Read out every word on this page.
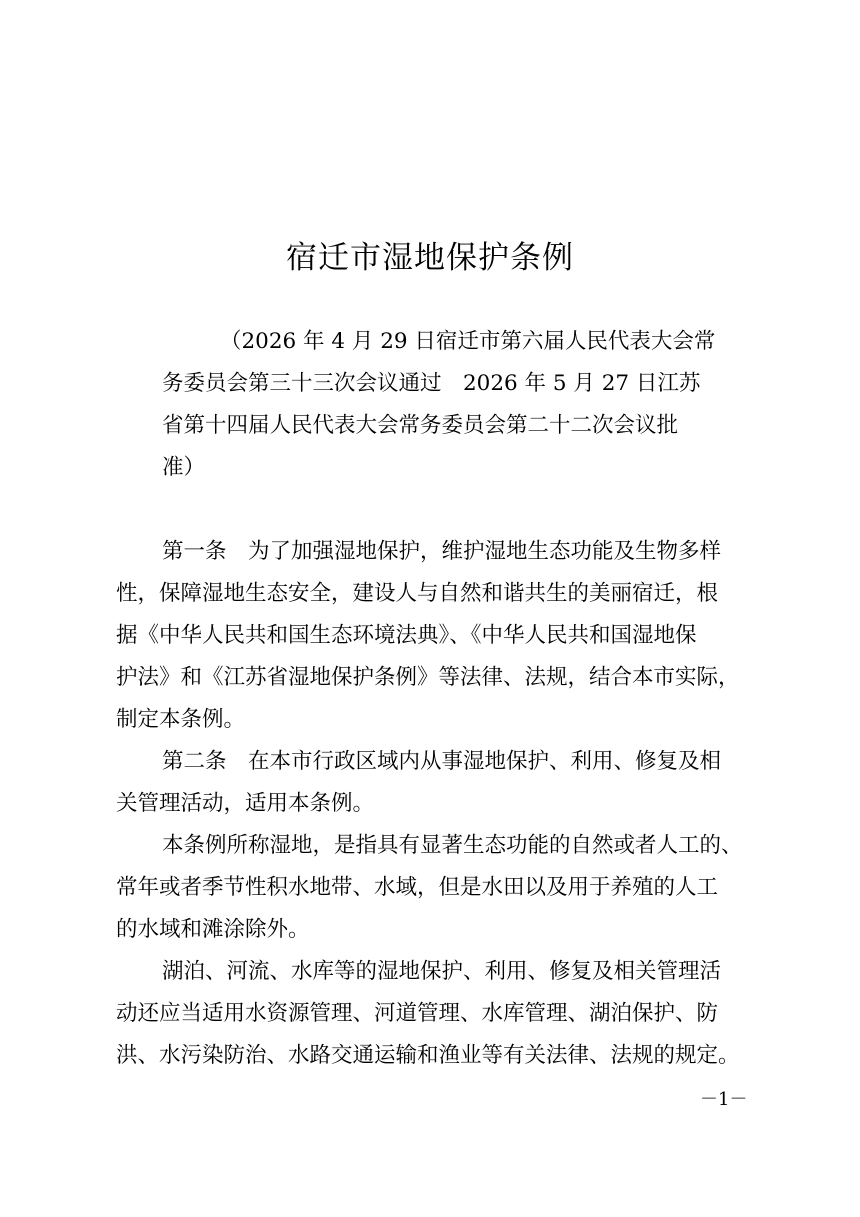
宿迁市湿地保护条例

（2026 年 4 月 29 日宿迁市第六届人民代表大会常

务委员会第三十三次会议通过　2026 年 5 月 27 日江苏

省第十四届人民代表大会常务委员会第二十二次会议批

准）

第一条　为了加强湿地保护，维护湿地生态功能及生物多样

性，保障湿地生态安全，建设人与自然和谐共生的美丽宿迁，根

据《中华人民共和国生态环境法典》、《中华人民共和国湿地保

护法》和《江苏省湿地保护条例》等法律、法规，结合本市实际，

制定本条例。

第二条　在本市行政区域内从事湿地保护、利用、修复及相

关管理活动，适用本条例。

本条例所称湿地，是指具有显著生态功能的自然或者人工的、

常年或者季节性积水地带、水域，但是水田以及用于养殖的人工

的水域和滩涂除外。

湖泊、河流、水库等的湿地保护、利用、修复及相关管理活

动还应当适用水资源管理、河道管理、水库管理、湖泊保护、防

洪、水污染防治、水路交通运输和渔业等有关法律、法规的规定。

－1－
